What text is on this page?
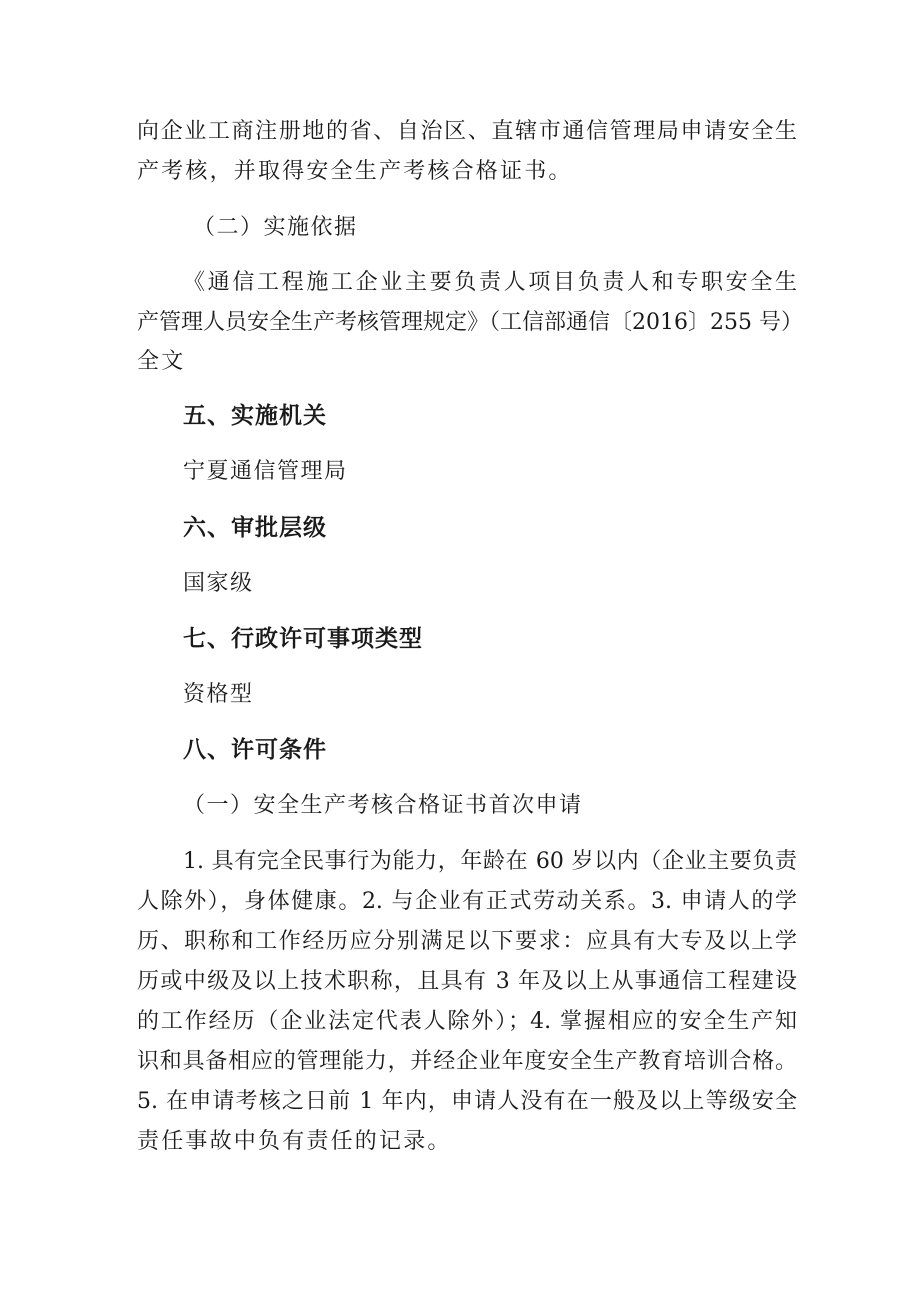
向企业工商注册地的省、自治区、直辖市通信管理局申请安全生
产考核，并取得安全生产考核合格证书。
（二）实施依据
《通信工程施工企业主要负责人项目负责人和专职安全生
产管理人员安全生产考核管理规定》（工信部通信〔2016〕255 号）
全文
五、实施机关
宁夏通信管理局
六、审批层级
国家级
七、行政许可事项类型
资格型
八、许可条件
（一）安全生产考核合格证书首次申请
1. 具有完全民事行为能力，年龄在 60 岁以内（企业主要负责
人除外），身体健康。2. 与企业有正式劳动关系。3. 申请人的学
历、职称和工作经历应分别满足以下要求：应具有大专及以上学
历或中级及以上技术职称，且具有 3 年及以上从事通信工程建设
的工作经历（企业法定代表人除外）；4. 掌握相应的安全生产知
识和具备相应的管理能力，并经企业年度安全生产教育培训合格。
5. 在申请考核之日前 1 年内，申请人没有在一般及以上等级安全
责任事故中负有责任的记录。
